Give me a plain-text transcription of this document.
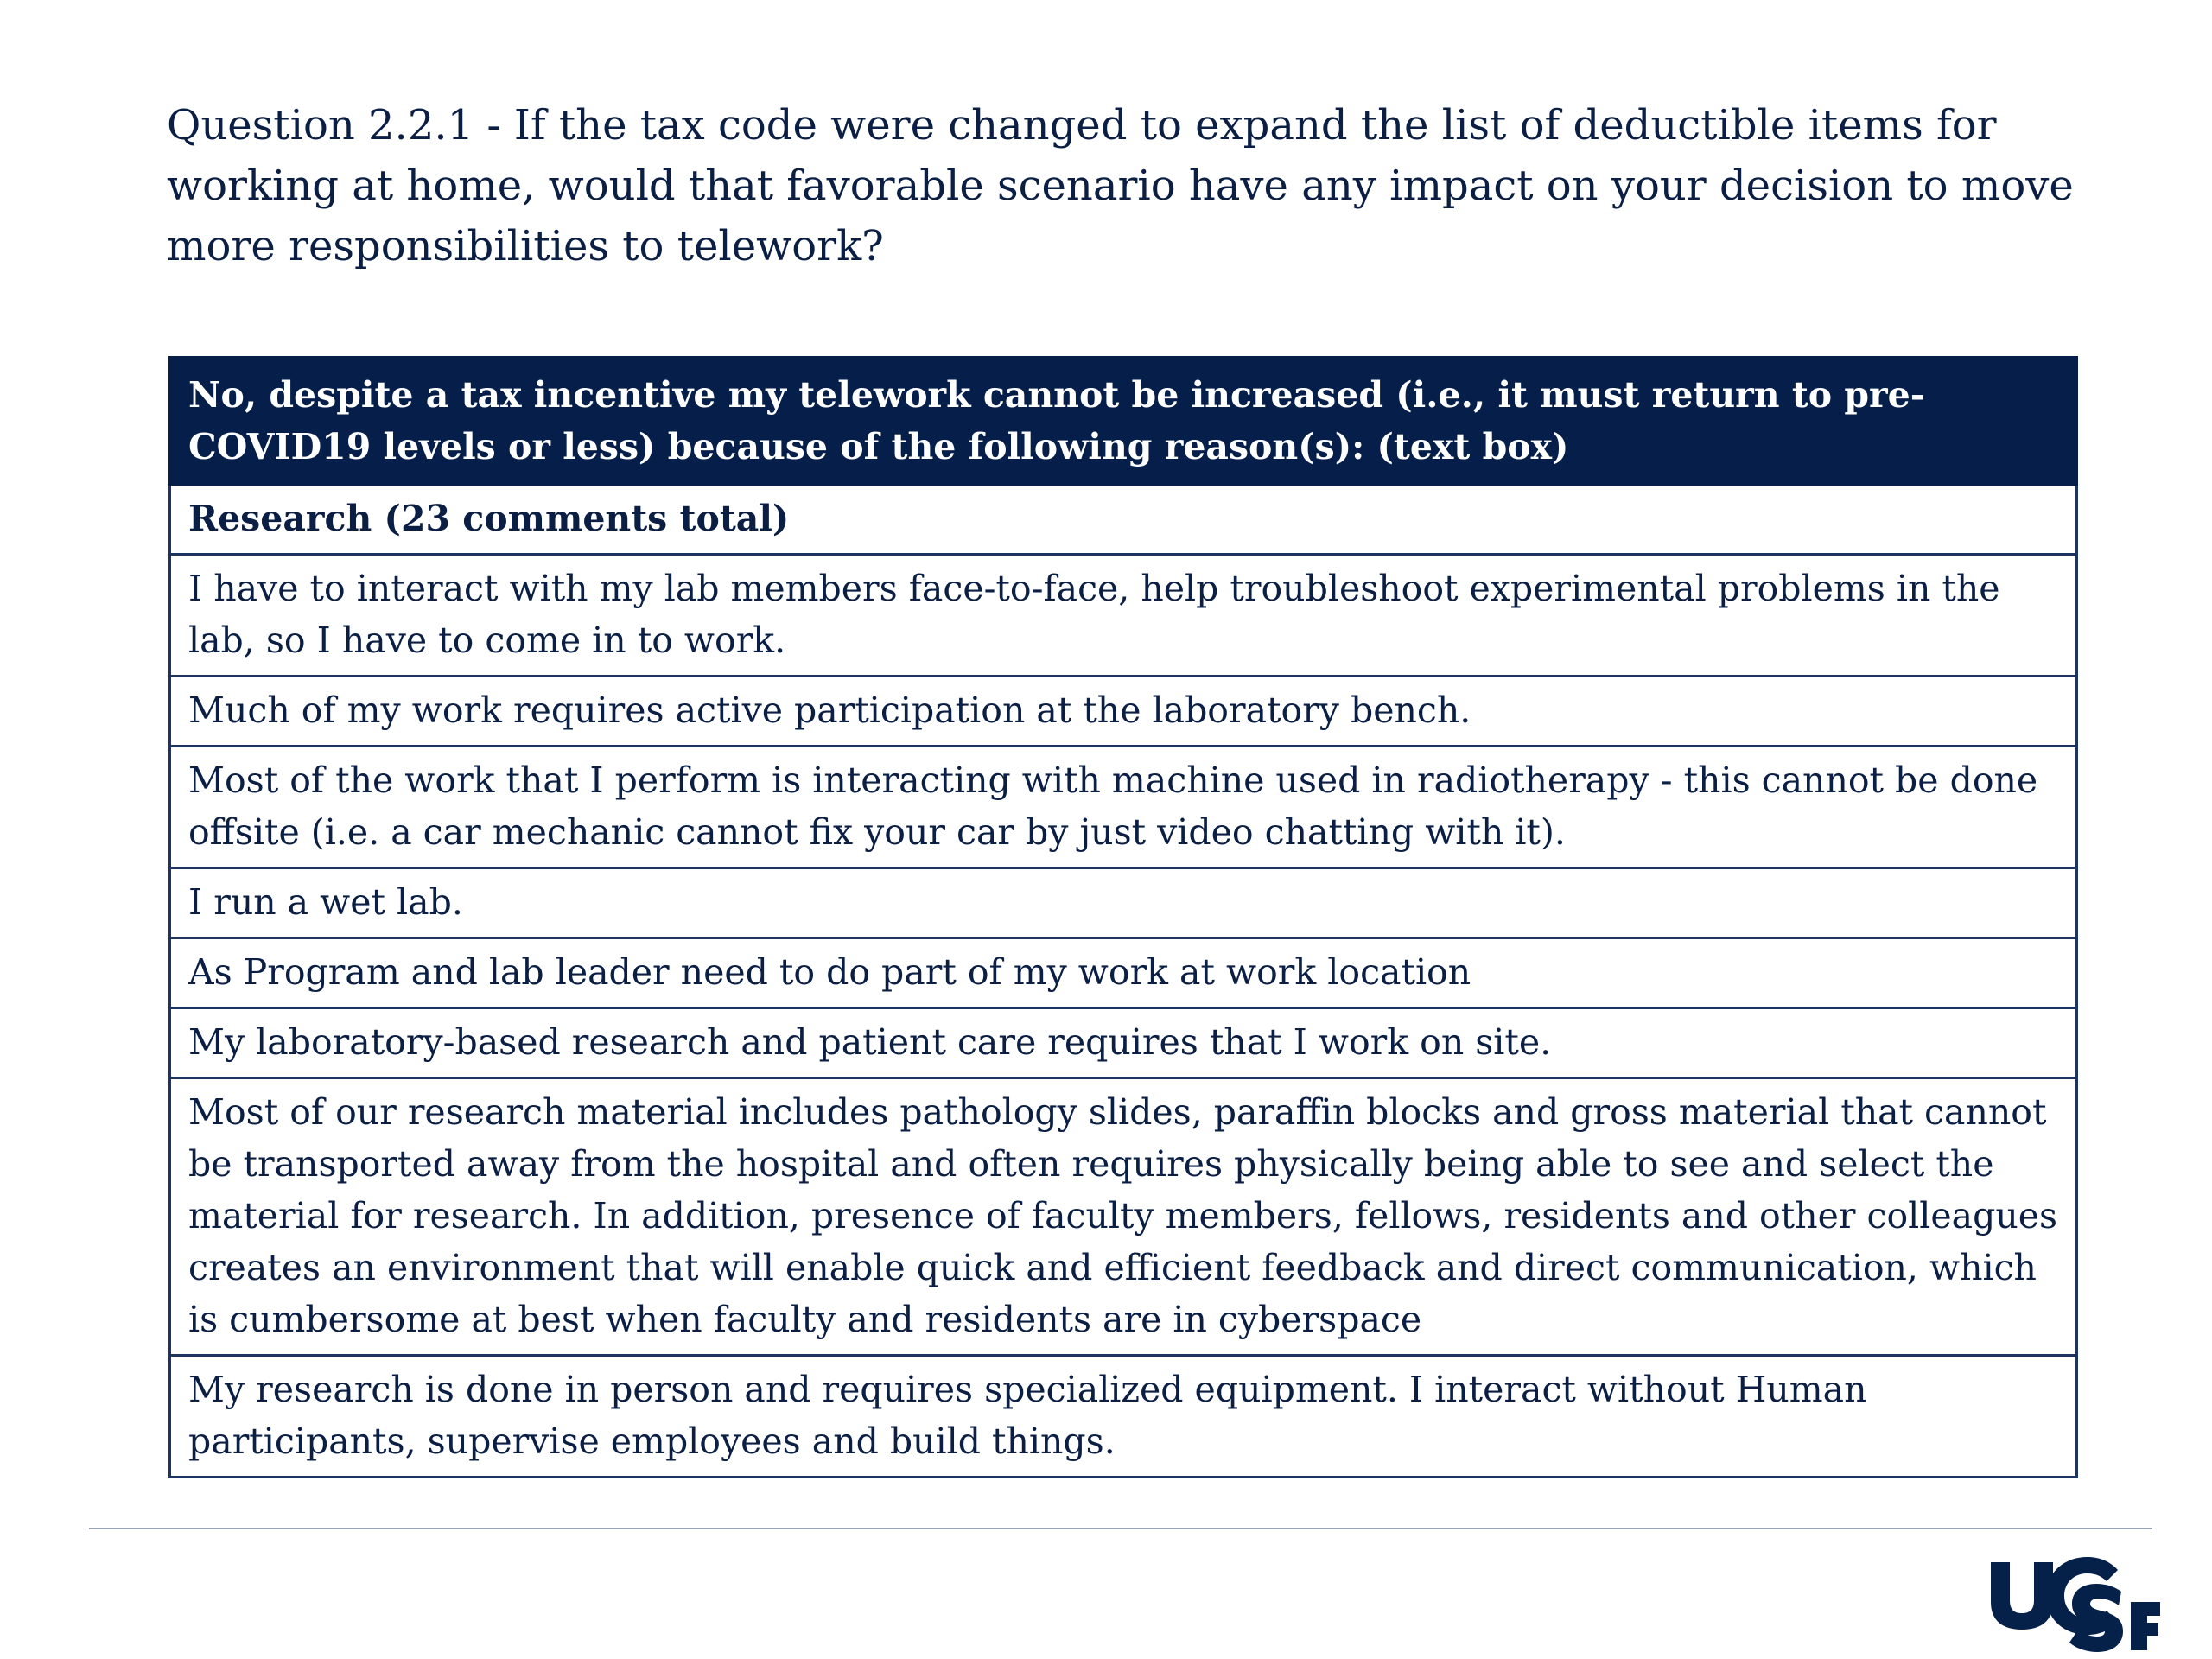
Question 2.2.1 - If the tax code were changed to expand the list of deductible items for working at home, would that favorable scenario have any impact on your decision to move more responsibilities to telework?

No, despite a tax incentive my telework cannot be increased (i.e., it must return to pre-COVID19 levels or less) because of the following reason(s): (text box)
Research (23 comments total)
I have to interact with my lab members face-to-face, help troubleshoot experimental problems in the lab, so I have to come in to work.
Much of my work requires active participation at the laboratory bench.
Most of the work that I perform is interacting with machine used in radiotherapy - this cannot be done offsite (i.e. a car mechanic cannot fix your car by just video chatting with it).
I run a wet lab.
As Program and lab leader need to do part of my work at work location
My laboratory-based research and patient care requires that I work on site.
Most of our research material includes pathology slides, paraffin blocks and gross material that cannot be transported away from the hospital and often requires physically being able to see and select the material for research. In addition, presence of faculty members, fellows, residents and other colleagues creates an environment that will enable quick and efficient feedback and direct communication, which is cumbersome at best when faculty and residents are in cyberspace
My research is done in person and requires specialized equipment. I interact without Human participants, supervise employees and build things.
